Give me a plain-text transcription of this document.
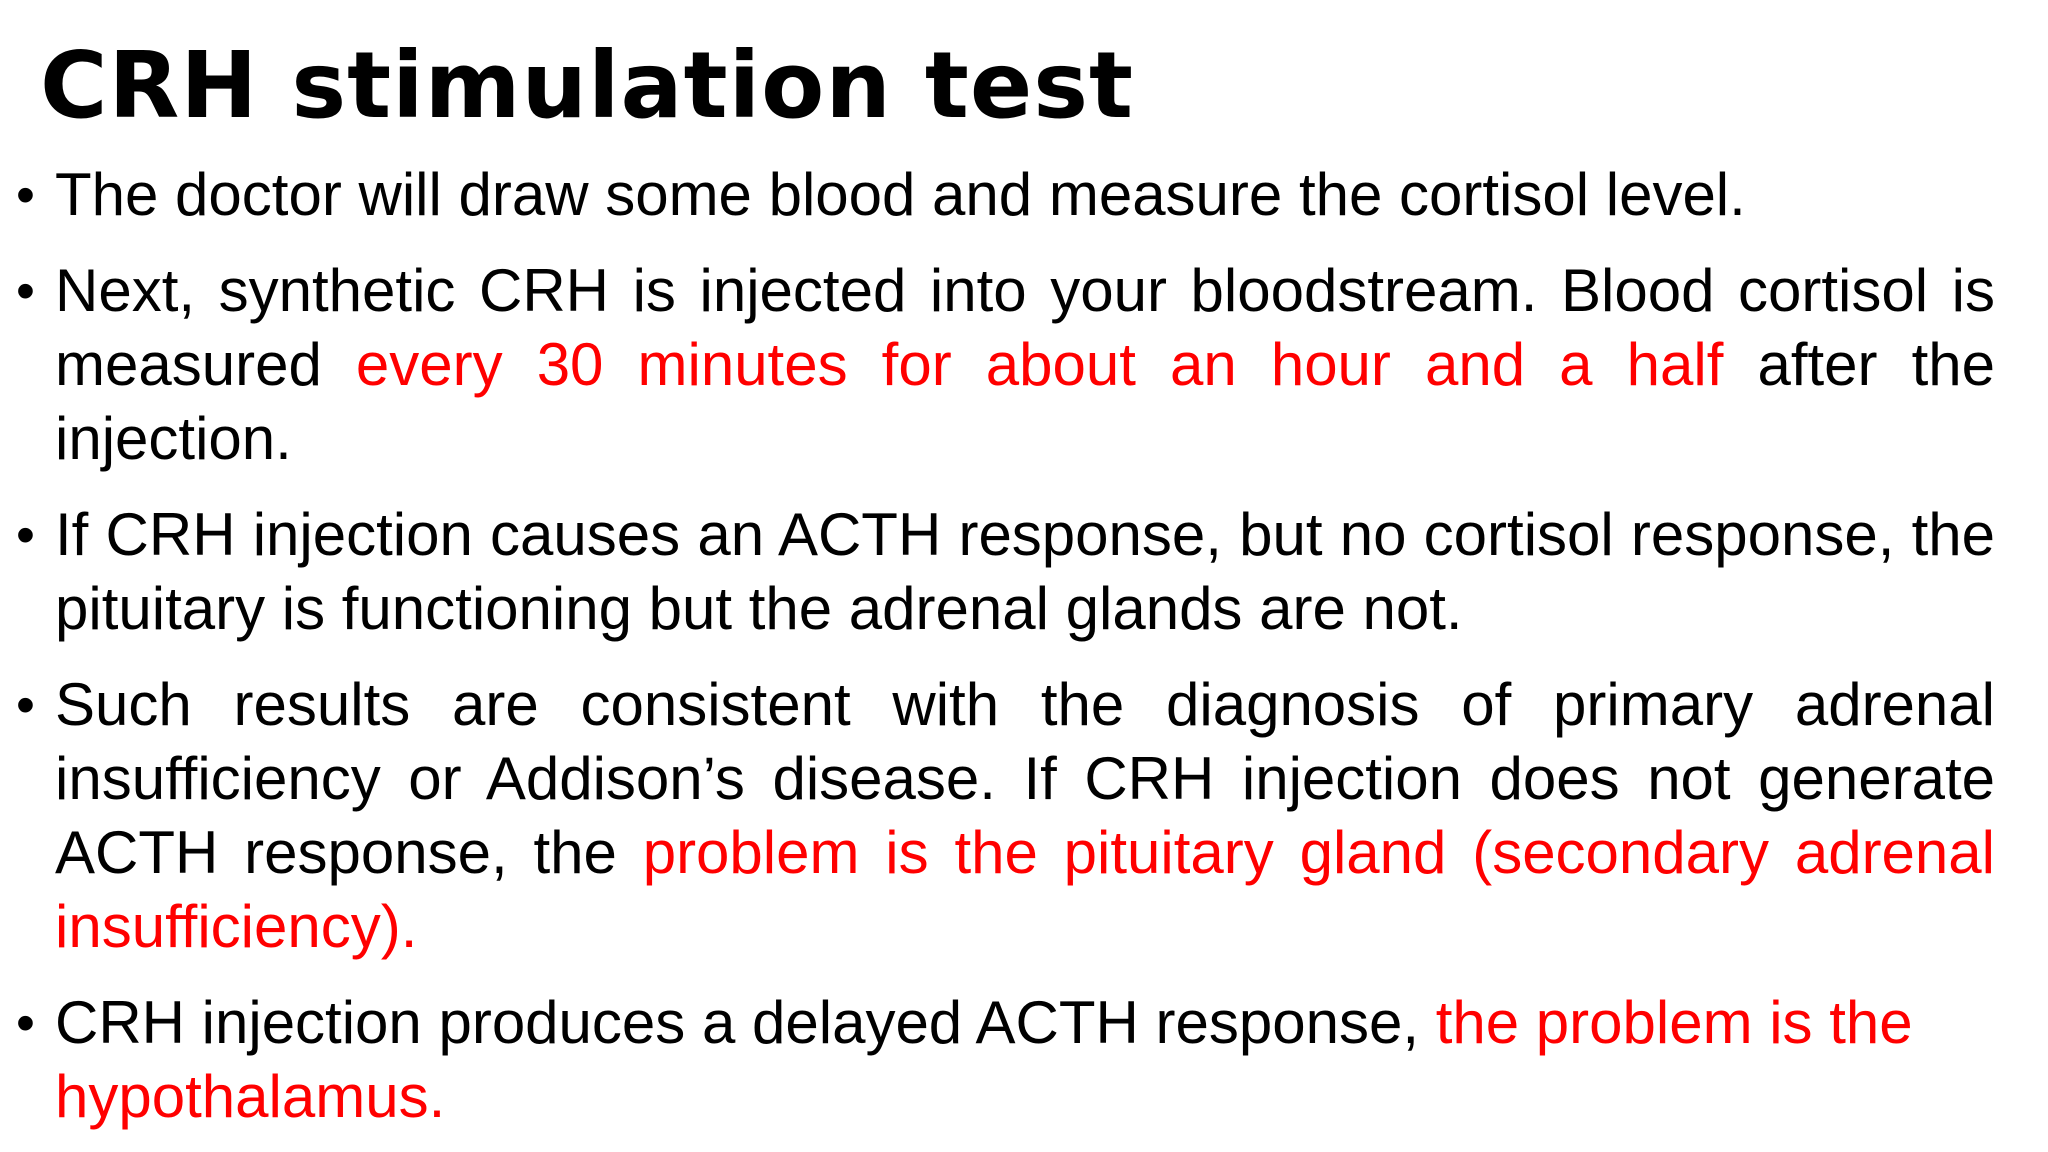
CRH stimulation test
• The doctor will draw some blood and measure the cortisol level.
• Next, synthetic CRH is injected into your bloodstream. Blood cortisol is measured every 30 minutes for about an hour and a half after the injection.
• If CRH injection causes an ACTH response, but no cortisol response, the pituitary is functioning but the adrenal glands are not.
• Such results are consistent with the diagnosis of primary adrenal insufficiency or Addison’s disease. If CRH injection does not generate ACTH response, the problem is the pituitary gland (secondary adrenal insufficiency).
• CRH injection produces a delayed ACTH response, the problem is the hypothalamus.
